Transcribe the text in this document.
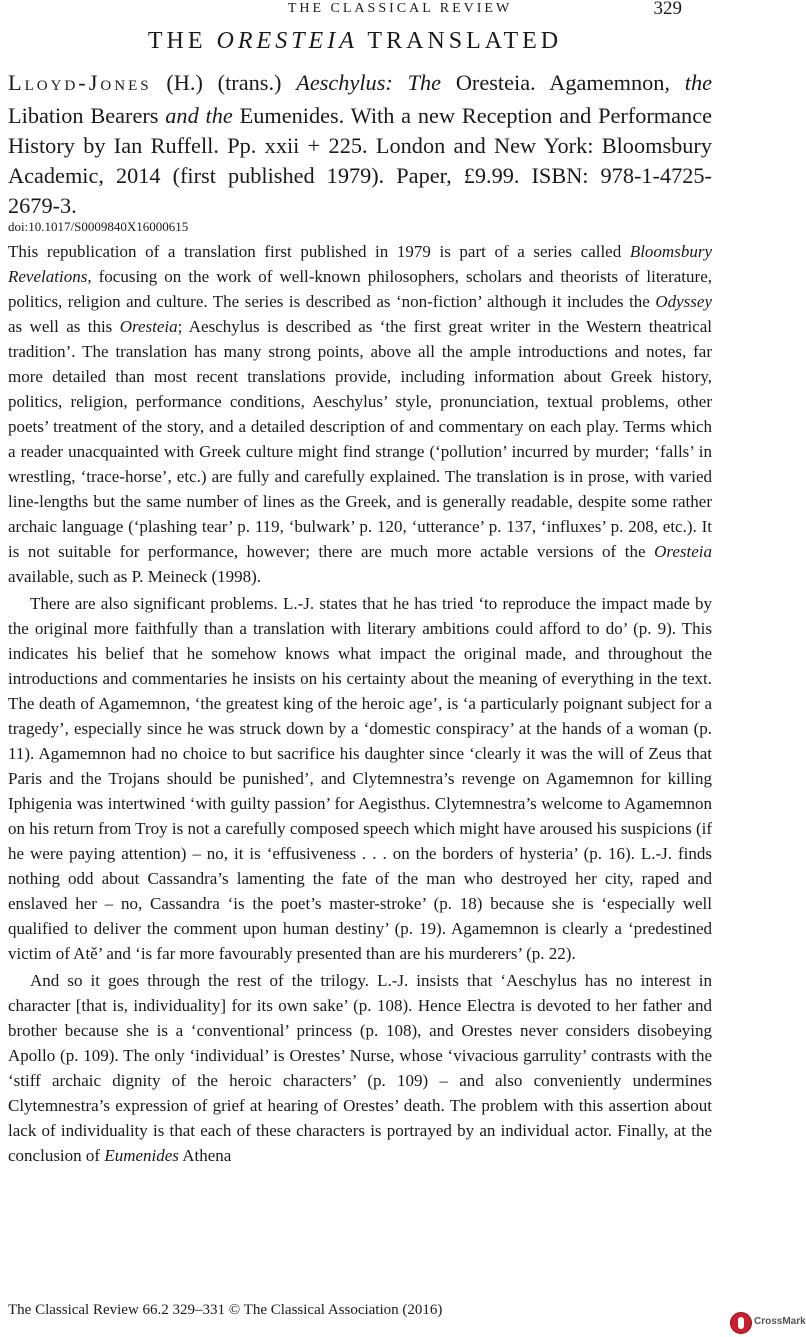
THE CLASSICAL REVIEW	329
THE ORESTEIA TRANSLATED
LLOYD-JONES (H.) (trans.) Aeschylus: The Oresteia. Agamemnon, the Libation Bearers and the Eumenides. With a new Reception and Performance History by Ian Ruffell. Pp. xxii + 225. London and New York: Bloomsbury Academic, 2014 (first published 1979). Paper, £9.99. ISBN: 978-1-4725-2679-3.
doi:10.1017/S0009840X16000615

This republication of a translation first published in 1979 is part of a series called Bloomsbury Revelations, focusing on the work of well-known philosophers, scholars and theorists of literature, politics, religion and culture. The series is described as ‘non-fiction’ although it includes the Odyssey as well as this Oresteia; Aeschylus is described as ‘the first great writer in the Western theatrical tradition’. The translation has many strong points, above all the ample introductions and notes, far more detailed than most recent translations provide, including information about Greek history, politics, religion, performance conditions, Aeschylus’ style, pronunciation, textual problems, other poets’ treatment of the story, and a detailed description of and commentary on each play. Terms which a reader unacquainted with Greek culture might find strange (‘pollution’ incurred by murder; ‘falls’ in wrestling, ‘trace-horse’, etc.) are fully and carefully explained. The translation is in prose, with varied line-lengths but the same number of lines as the Greek, and is generally readable, despite some rather archaic language (‘plashing tear’ p. 119, ‘bulwark’ p. 120, ‘utterance’ p. 137, ‘influxes’ p. 208, etc.). It is not suitable for performance, however; there are much more actable versions of the Oresteia available, such as P. Meineck (1998).

There are also significant problems. L.-J. states that he has tried ‘to reproduce the impact made by the original more faithfully than a translation with literary ambitions could afford to do’ (p. 9). This indicates his belief that he somehow knows what impact the original made, and throughout the introductions and commentaries he insists on his certainty about the meaning of everything in the text. The death of Agamemnon, ‘the greatest king of the heroic age’, is ‘a particularly poignant subject for a tragedy’, especially since he was struck down by a ‘domestic conspiracy’ at the hands of a woman (p. 11). Agamemnon had no choice to but sacrifice his daughter since ‘clearly it was the will of Zeus that Paris and the Trojans should be punished’, and Clytemnestra’s revenge on Agamemnon for killing Iphigenia was intertwined ‘with guilty passion’ for Aegisthus. Clytemnestra’s welcome to Agamemnon on his return from Troy is not a carefully composed speech which might have aroused his suspicions (if he were paying attention) – no, it is ‘effusiveness . . . on the borders of hysteria’ (p. 16). L.-J. finds nothing odd about Cassandra’s lamenting the fate of the man who destroyed her city, raped and enslaved her – no, Cassandra ‘is the poet’s master-stroke’ (p. 18) because she is ‘especially well qualified to deliver the comment upon human destiny’ (p. 19). Agamemnon is clearly a ‘predestined victim of Atě’ and ‘is far more favourably presented than are his murderers’ (p. 22).

And so it goes through the rest of the trilogy. L.-J. insists that ‘Aeschylus has no interest in character [that is, individuality] for its own sake’ (p. 108). Hence Electra is devoted to her father and brother because she is a ‘conventional’ princess (p. 108), and Orestes never considers disobeying Apollo (p. 109). The only ‘individual’ is Orestes’ Nurse, whose ‘vivacious garrulity’ contrasts with the ‘stiff archaic dignity of the heroic characters’ (p. 109) – and also conveniently undermines Clytemnestra’s expression of grief at hearing of Orestes’ death. The problem with this assertion about lack of individuality is that each of these characters is portrayed by an individual actor. Finally, at the conclusion of Eumenides Athena

The Classical Review 66.2 329–331 © The Classical Association (2016)
CrossMark
